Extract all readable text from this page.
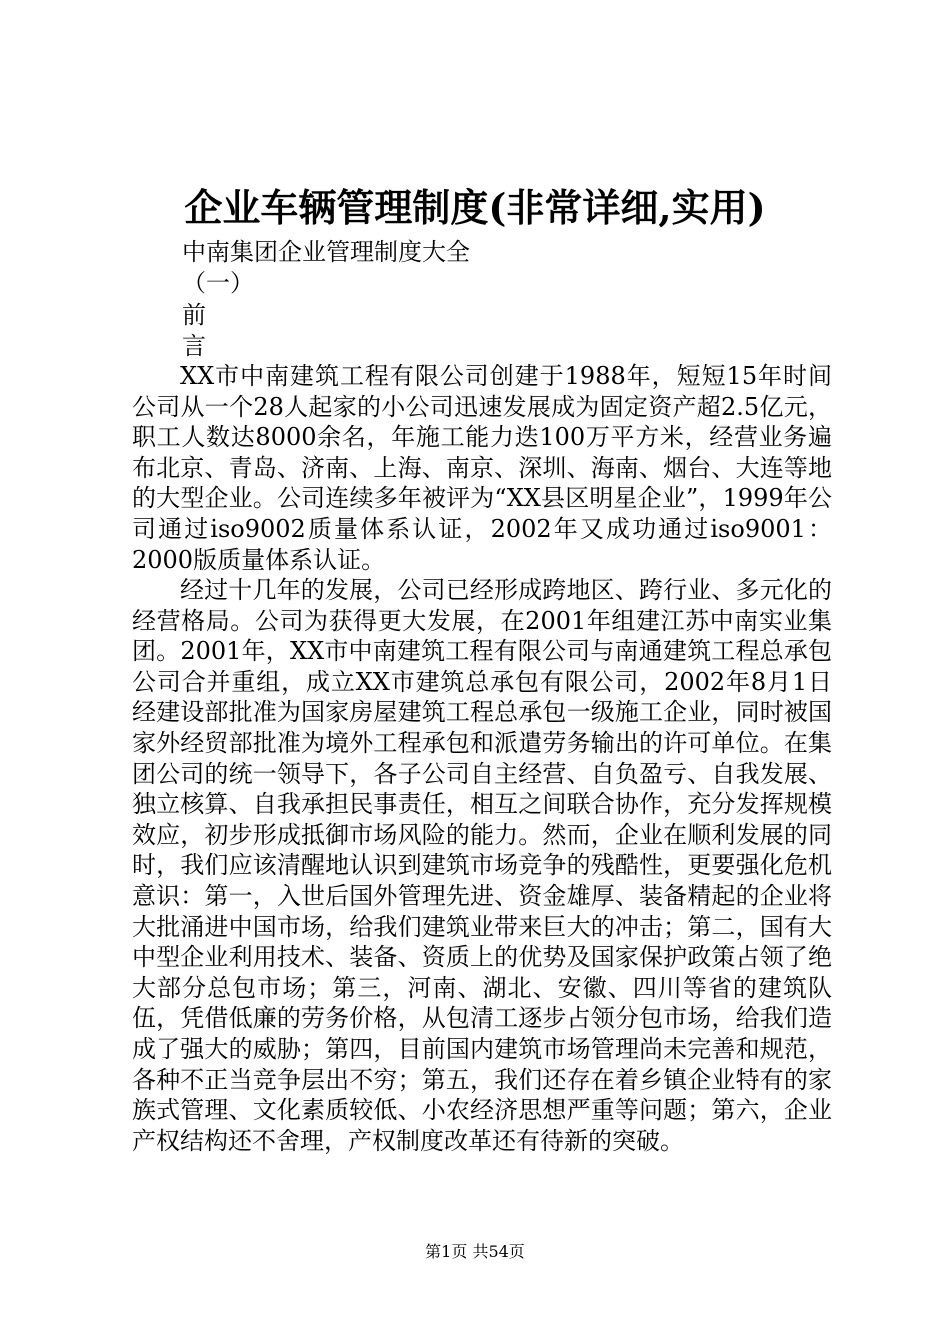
企业车辆管理制度(非常详细,实用)

中南集团企业管理制度大全

（一）

前

言

XX市中南建筑工程有限公司创建于1988年，短短15年时间公司从一个28人起家的小公司迅速发展成为固定资产超2.5亿元，职工人数达8000余名，年施工能力迭100万平方米，经营业务遍布北京、青岛、济南、上海、南京、深圳、海南、烟台、大连等地的大型企业。公司连续多年被评为“XX县区明星企业”，1999年公司通过iso9002质量体系认证，2002年又成功通过iso9001：2000版质量体系认证。

经过十几年的发展，公司已经形成跨地区、跨行业、多元化的经营格局。公司为获得更大发展，在2001年组建江苏中南实业集团。2001年，XX市中南建筑工程有限公司与南通建筑工程总承包公司合并重组，成立XX市建筑总承包有限公司，2002年8月1日经建设部批准为国家房屋建筑工程总承包一级施工企业，同时被国家外经贸部批准为境外工程承包和派遣劳务输出的许可单位。在集团公司的统一领导下，各子公司自主经营、自负盈亏、自我发展、独立核算、自我承担民事责任，相互之间联合协作，充分发挥规模效应，初步形成抵御市场风险的能力。然而，企业在顺利发展的同时，我们应该清醒地认识到建筑市场竞争的残酷性，更要强化危机意识：第一，入世后国外管理先进、资金雄厚、装备精起的企业将大批涌进中国市场，给我们建筑业带来巨大的冲击；第二，国有大中型企业利用技术、装备、资质上的优势及国家保护政策占领了绝大部分总包市场；第三，河南、湖北、安徽、四川等省的建筑队伍，凭借低廉的劳务价格，从包清工逐步占领分包市场，给我们造成了强大的威胁；第四，目前国内建筑市场管理尚未完善和规范，各种不正当竞争层出不穷；第五，我们还存在着乡镇企业特有的家族式管理、文化素质较低、小农经济思想严重等问题；第六，企业产权结构还不舍理，产权制度改革还有待新的突破。

第1页 共54页
